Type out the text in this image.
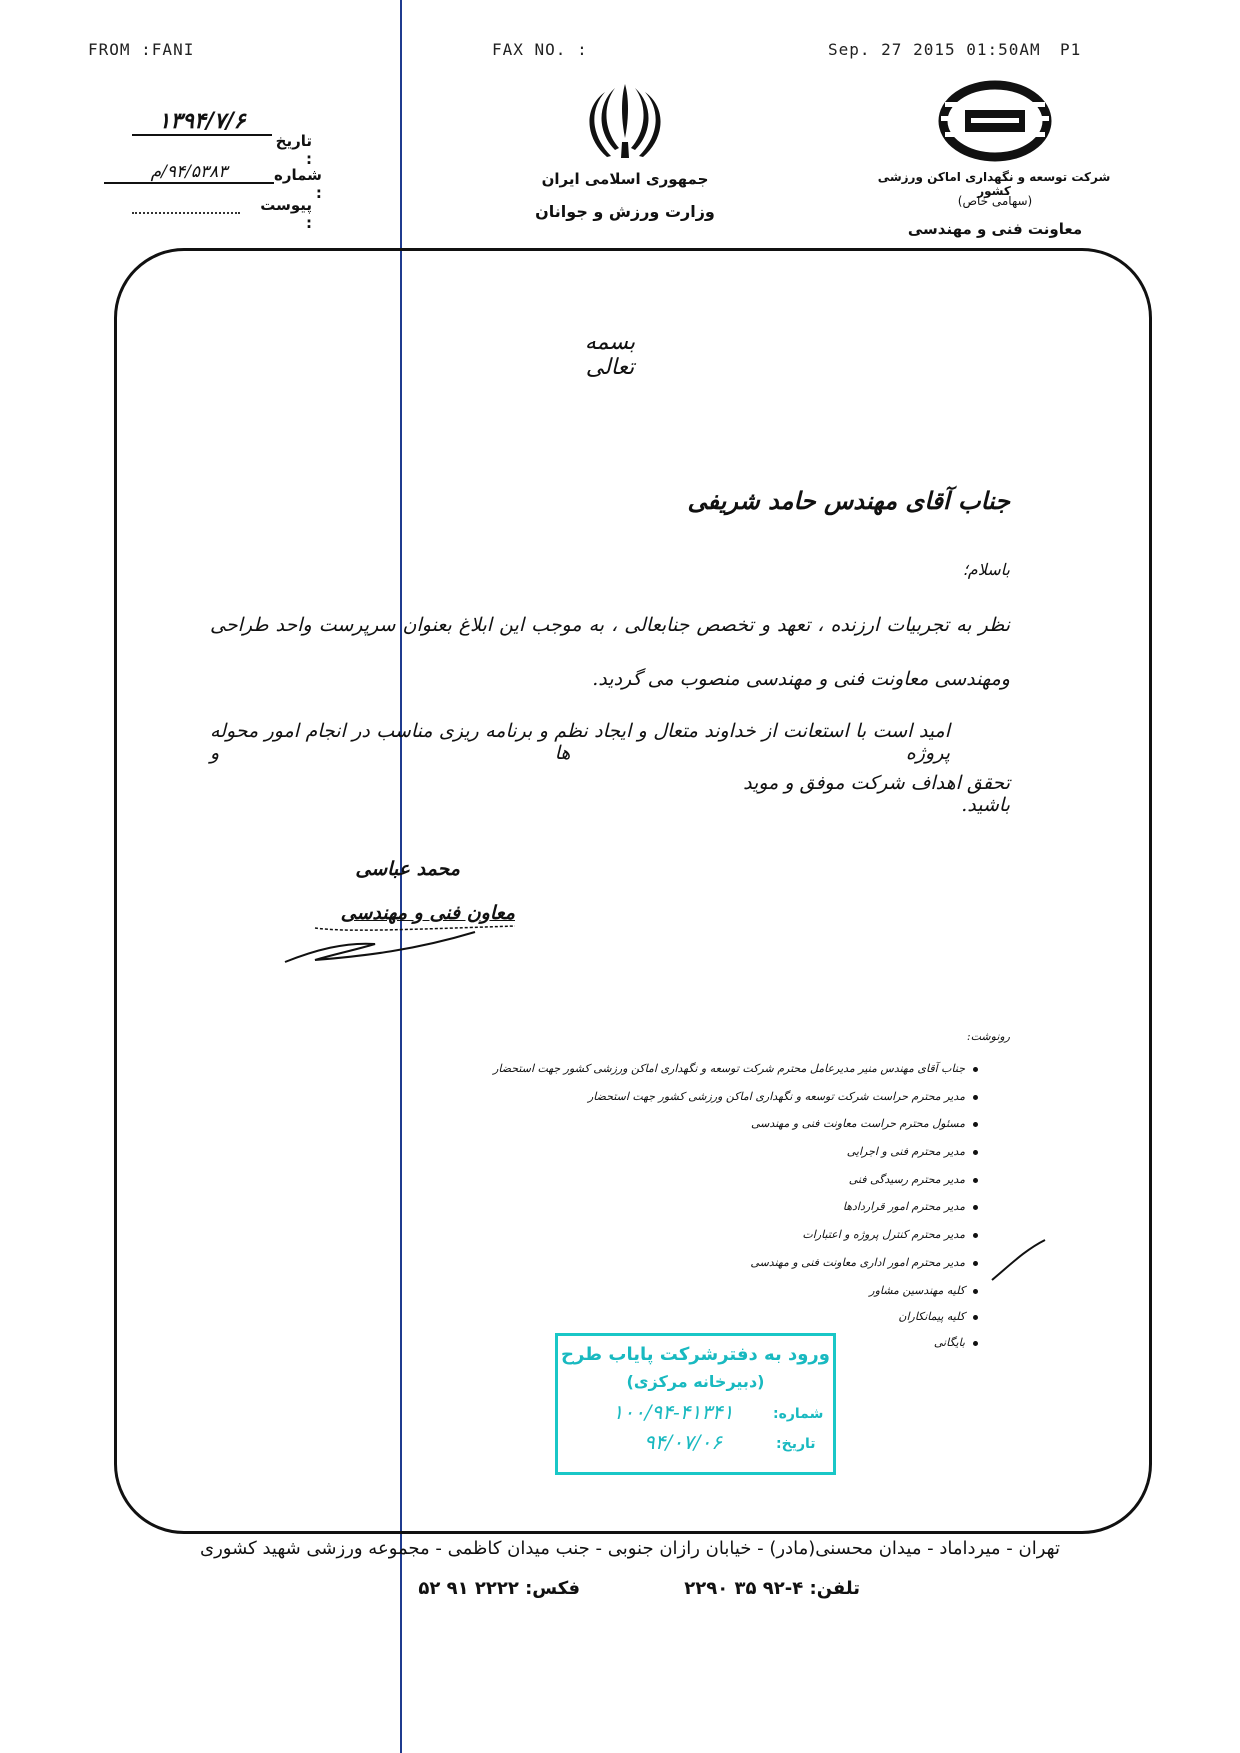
FROM :FANI	FAX NO. :	Sep. 27 2015 01:50AM P1
۱۳۹۴/۷/۶
تاریخ :
۹۴/۵۳۸۳/م	شماره :
پیوست :
جمهوری اسلامی ایران
وزارت ورزش و جوانان
شرکت توسعه و نگهداری اماکن ورزشی کشور
(سهامی خاص)
معاونت فنی و مهندسی
بسمه تعالی
جناب آقای مهندس حامد شریفی
باسلام؛
نظر به تجربیات ارزنده ، تعهد و تخصص جنابعالی ، به موجب این ابلاغ بعنوان سرپرست واحد طراحی
ومهندسی معاونت فنی و مهندسی منصوب می گردید.
امید است با استعانت از خداوند متعال و ایجاد نظم و برنامه ریزی مناسب در انجام امور محوله پروژه ها و
تحقق اهداف شرکت موفق و موید باشید.
محمد عباسی
معاون فنی و مهندسی
رونوشت:
جناب آقای مهندس منیر مدیرعامل محترم شرکت توسعه و نگهداری اماکن ورزشی کشور جهت استحضار
مدیر محترم حراست شرکت توسعه و نگهداری اماکن ورزشی کشور جهت استحضار
مسئول محترم حراست معاونت فنی و مهندسی
مدیر محترم فنی و اجرایی
مدیر محترم رسیدگی فنی
مدیر محترم امور قراردادها
مدیر محترم کنترل پروژه و اعتبارات
مدیر محترم امور اداری معاونت فنی و مهندسی
کلیه مهندسین مشاور
کلیه پیمانکاران
بایگانی
ورود به دفترشرکت پایاب طرح
(دبیرخانه مرکزی)
شماره:
۱۰۰/۹۴-۴۱۳۴۱
تاریخ:
۹۴/۰۷/۰۶
تهران - میرداماد - میدان محسنی(مادر) - خیابان رازان جنوبی - جنب میدان کاظمی - مجموعه ورزشی شهید کشوری
تلفن: ۴-۹۲ ۳۵ ۲۲۹۰
فکس: ۲۲۲۲ ۹۱ ۵۲
